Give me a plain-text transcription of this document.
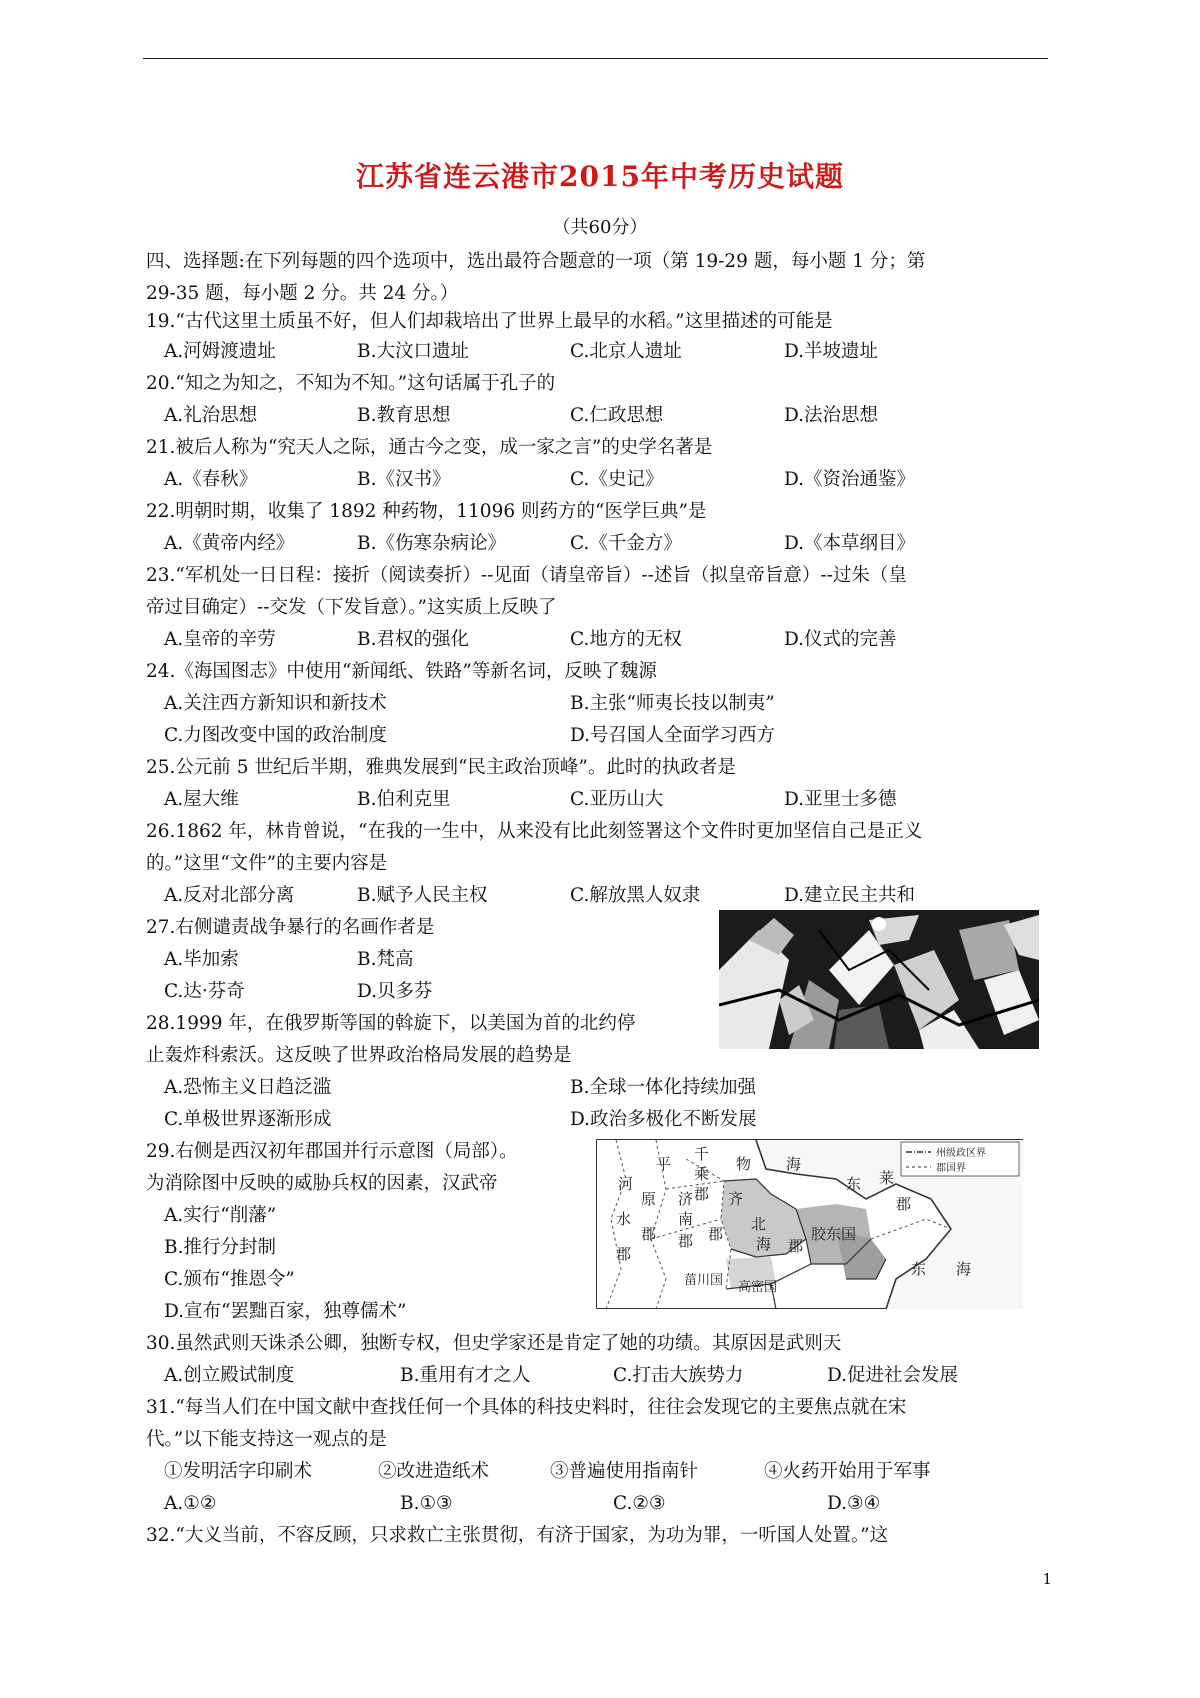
江苏省连云港市2015年中考历史试题
（共60分）
四、选择题:在下列每题的四个选项中，选出最符合题意的一项（第 19-29 题，每小题 1 分；第
29-35 题，每小题 2 分。共 24 分。）
19.“古代这里土质虽不好，但人们却栽培出了世界上最早的水稻。”这里描述的可能是
A.河姆渡遗址	B.大汶口遗址	C.北京人遗址	D.半坡遗址
20.“知之为知之，不知为不知。”这句话属于孔子的
A.礼治思想	B.教育思想	C.仁政思想	D.法治思想
21.被后人称为“究天人之际，通古今之变，成一家之言”的史学名著是
A.《春秋》	B.《汉书》	C.《史记》	D.《资治通鉴》
22.明朝时期，收集了 1892 种药物，11096 则药方的“医学巨典”是
A.《黄帝内经》	B.《伤寒杂病论》	C.《千金方》	D.《本草纲目》
23.“军机处一日日程：接折（阅读奏折）--见面（请皇帝旨）--述旨（拟皇帝旨意）--过朱（皇
帝过目确定）--交发（下发旨意）。”这实质上反映了
A.皇帝的辛劳	B.君权的强化	C.地方的无权	D.仪式的完善
24.《海国图志》中使用“新闻纸、铁路”等新名词，反映了魏源
A.关注西方新知识和新技术	B.主张“师夷长技以制夷”
C.力图改变中国的政治制度	D.号召国人全面学习西方
25.公元前 5 世纪后半期，雅典发展到“民主政治顶峰”。此时的执政者是
A.屋大维	B.伯利克里	C.亚历山大	D.亚里士多德
26.1862 年，林肯曾说，“在我的一生中，从来没有比此刻签署这个文件时更加坚信自己是正义
的。”这里“文件”的主要内容是
A.反对北部分离	B.赋予人民主权	C.解放黑人奴隶	D.建立民主共和
27.右侧谴责战争暴行的名画作者是
A.毕加索	B.梵高
C.达·芬奇	D.贝多芬
28.1999 年，在俄罗斯等国的斡旋下，以美国为首的北约停
止轰炸科索沃。这反映了世界政治格局发展的趋势是
A.恐怖主义日趋泛滥	B.全球一体化持续加强
C.单极世界逐渐形成	D.政治多极化不断发展
29.右侧是西汉初年郡国并行示意图（局部）。
为消除图中反映的威胁兵权的因素，汉武帝
A.实行“削藩”
B.推行分封制
C.颁布“推恩令”
D.宣布“罢黜百家，独尊儒术”
州级政区界
郡国界
河
水
郡
平
原
郡
千
乘
郡
济
南
郡
齐
郡
北
海 郡
胶东国
物 海
东 莱
郡
东 海
菑川国 高密国
30.虽然武则天诛杀公卿，独断专权，但史学家还是肯定了她的功绩。其原因是武则天
A.创立殿试制度	B.重用有才之人	C.打击大族势力	D.促进社会发展
31.“每当人们在中国文献中查找任何一个具体的科技史料时，往往会发现它的主要焦点就在宋
代。”以下能支持这一观点的是
①发明活字印刷术	②改进造纸术	③普遍使用指南针	④火药开始用于军事
A.①②	B.①③	C.②③	D.③④
32.“大义当前，不容反顾，只求救亡主张贯彻，有济于国家，为功为罪，一听国人处置。”这
1
